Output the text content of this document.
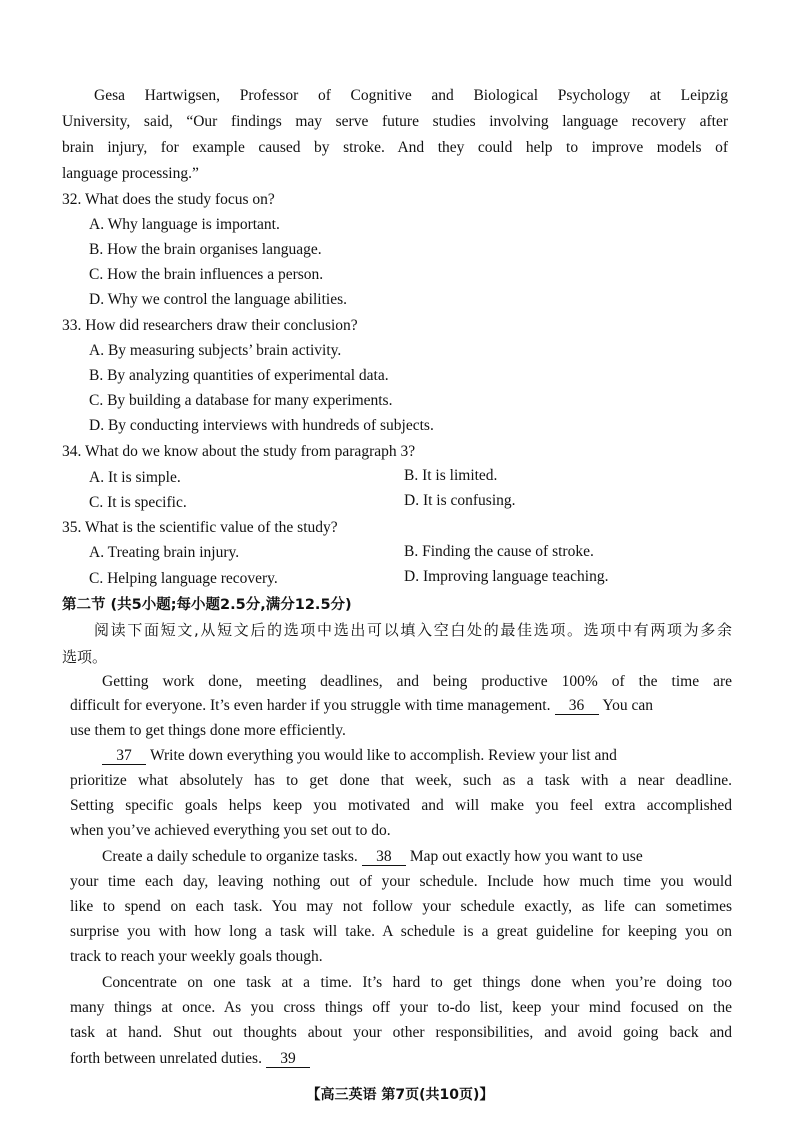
Gesa Hartwigsen, Professor of Cognitive and Biological Psychology at Leipzig
University, said, “Our findings may serve future studies involving language recovery after
brain injury, for example caused by stroke. And they could help to improve models of
language processing.”
32. What does the study focus on?
A. Why language is important.
B. How the brain organises language.
C. How the brain influences a person.
D. Why we control the language abilities.
33. How did researchers draw their conclusion?
A. By measuring subjects’ brain activity.
B. By analyzing quantities of experimental data.
C. By building a database for many experiments.
D. By conducting interviews with hundreds of subjects.
34. What do we know about the study from paragraph 3?
A. It is simple.	B. It is limited.
C. It is specific.	D. It is confusing.
35. What is the scientific value of the study?
A. Treating brain injury.	B. Finding the cause of stroke.
C. Helping language recovery.	D. Improving language teaching.
第二节 (共5小题;每小题2.5分,满分12.5分)
阅读下面短文,从短文后的选项中选出可以填入空白处的最佳选项。选项中有两项为多余
选项。
Getting work done, meeting deadlines, and being productive 100% of the time are
difficult for everyone. It’s even harder if you struggle with time management. 36 You can
use them to get things done more efficiently.
37 Write down everything you would like to accomplish. Review your list and
prioritize what absolutely has to get done that week, such as a task with a near deadline.
Setting specific goals helps keep you motivated and will make you feel extra accomplished
when you’ve achieved everything you set out to do.
Create a daily schedule to organize tasks. 38 Map out exactly how you want to use
your time each day, leaving nothing out of your schedule. Include how much time you would
like to spend on each task. You may not follow your schedule exactly, as life can sometimes
surprise you with how long a task will take. A schedule is a great guideline for keeping you on
track to reach your weekly goals though.
Concentrate on one task at a time. It’s hard to get things done when you’re doing too
many things at once. As you cross things off your to-do list, keep your mind focused on the
task at hand. Shut out thoughts about your other responsibilities, and avoid going back and
forth between unrelated duties. 39
【高三英语 第7页(共10页)】
